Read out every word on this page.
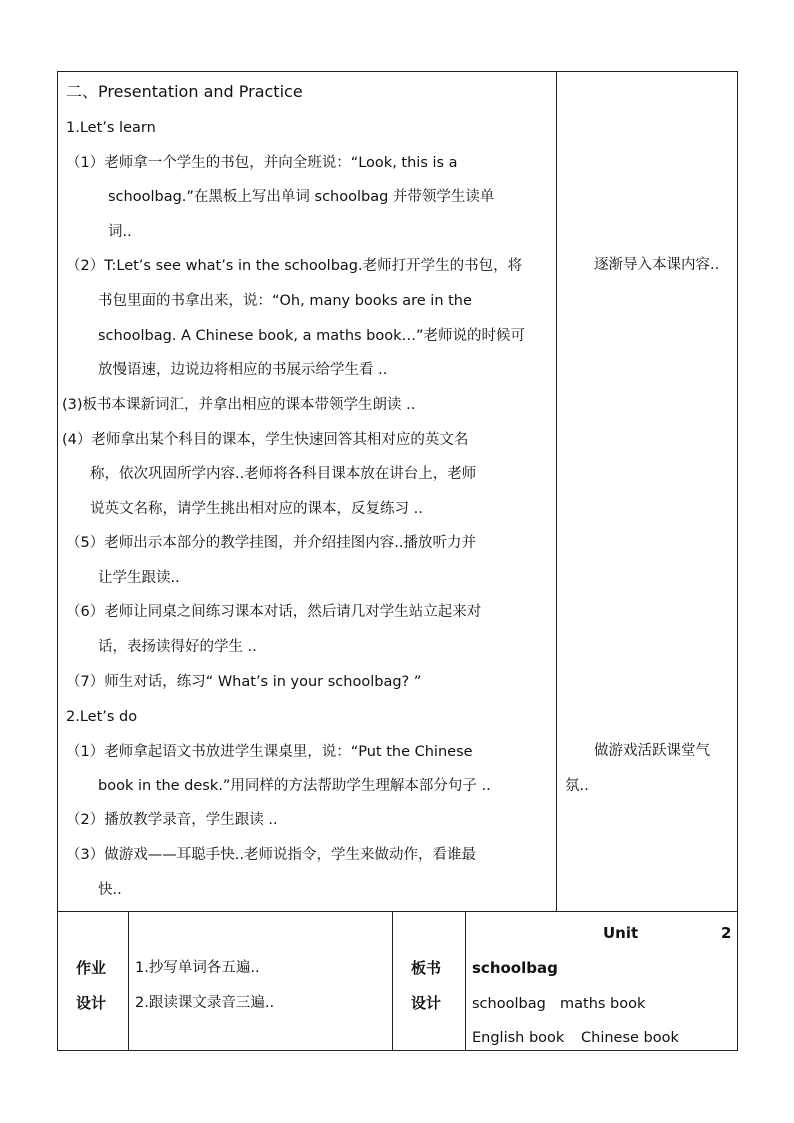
二、Presentation and Practice
1.Let’s learn
（1）老师拿一个学生的书包，并向全班说：“Look, this is a
schoolbag.”在黑板上写出单词 schoolbag 并带领学生读单
词..
（2）T:Let’s see what’s in the schoolbag.老师打开学生的书包，将
书包里面的书拿出来，说：“Oh, many books are in the
schoolbag. A Chinese book, a maths book…”老师说的时候可
放慢语速，边说边将相应的书展示给学生看 ..
(3)板书本课新词汇，并拿出相应的课本带领学生朗读 ..
(4）老师拿出某个科目的课本，学生快速回答其相对应的英文名
称，依次巩固所学内容..老师将各科目课本放在讲台上，老师
说英文名称，请学生挑出相对应的课本，反复练习 ..
（5）老师出示本部分的教学挂图，并介绍挂图内容..播放听力并
让学生跟读..
（6）老师让同桌之间练习课本对话，然后请几对学生站立起来对
话，表扬读得好的学生 ..
（7）师生对话，练习“ What’s in your schoolbag? ”
2.Let’s do
（1）老师拿起语文书放进学生课桌里，说：“Put the Chinese
book in the desk.”用同样的方法帮助学生理解本部分句子 ..
（2）播放教学录音，学生跟读 ..
（3）做游戏——耳聪手快..老师说指令，学生来做动作，看谁最
快..
逐渐导入本课内容..
做游戏活跃课堂气氛..
作业
设计
1.抄写单词各五遍..
2.跟读课文录音三遍..
板书
设计
Unit	2
schoolbag
schoolbag maths book
English book Chinese book
